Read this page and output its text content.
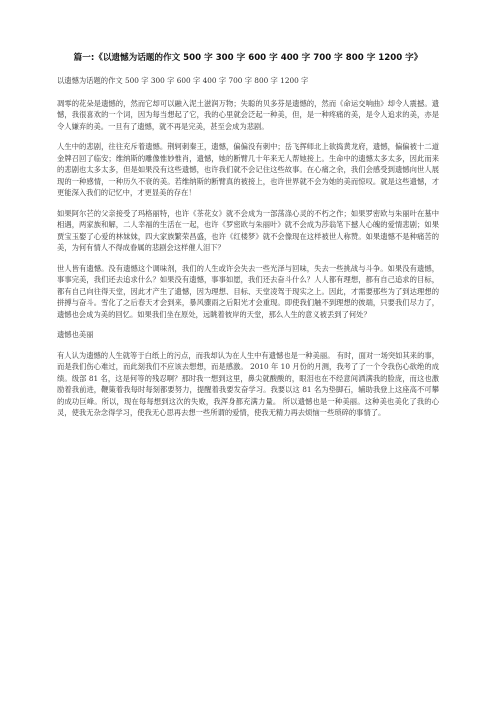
篇一:《以遗憾为话题的作文 500 字 300 字 600 字 400 字 700 字 800 字 1200 字》

以遗憾为话题的作文 500 字 300 字 600 字 400 字 700 字 800 字 1200 字

凋零的花朵是遗憾的，然而它却可以融入泥土滋润万物；失聪的贝多芬是遗憾的，然而《命运交响曲》却令人震撼。遗憾，我很喜欢的一个词，因为每当想起了它，我的心里就会泛起一种美，但，是一种疼痛的美，是令人追求的美，亦是令人嫌弃的美。一旦有了遗憾，就不再是完美，甚至会成为悲剧。

人生中的悲剧，往往充斥着遗憾。荆轲刺秦王，遗憾，偏偏没有刺中；岳飞挥师北上欲捣黄龙府，遗憾，偏偏被十二道金牌召回了临安；维纳斯的雕像惟妙惟肖，遗憾，她的断臂几十年来无人帮她接上。生命中的遗憾太多太多，因此而来的悲剧也太多太多，但是如果没有这些遗憾，也许我们就不会记住这些故事。在心痛之余，我们会感受到遗憾向世人展现的一种感情，一种历久不衰的美。若维纳斯的断臂真的被接上，也许世界就不会为她的美而惊叹。就是这些遗憾，才更能深入我们的记忆中，才更显美的存在！

如果阿尔芒的父亲接受了玛格丽特，也许《茶花女》就不会成为一部荡涤心灵的不朽之作；如果罗密欧与朱丽叶在墓中相遇，两家族和解，二人幸福的生活在一起，也许《罗密欧与朱丽叶》就不会成为莎翁笔下撼人心魄的爱情悲剧；如果贾宝玉娶了心爱的林妹妹，四大家族繁荣昌盛，也许《红楼梦》就不会像现在这样被世人称赞。如果遗憾不是种痛苦的美，为何有情人不得成眷属的悲剧会这样催人泪下？

世人皆有遗憾。没有遗憾这个调味剂，我们的人生或许会失去一些光泽与回味，失去一些挑战与斗争。如果没有遗憾，事事完美，我们还去追求什么？如果没有遗憾，事事如愿，我们还去奋斗什么？人人都有理想，都有自己追求的目标，都有自己向往得天堂，因此才产生了遗憾，因为理想、目标、天堂凌驾于现实之上。因此，才需要那些为了到达理想的拼搏与奋斗。雪化了之后春天才会到来，暴风骤雨之后阳光才会重现。即使我们触不到理想的彼端，只要我们尽力了，遗憾也会成为美的回忆。如果我们坐在原处，远眺着彼岸的天堂，那么人生的意义被丢到了何处？

遗憾也美丽

有人认为遗憾的人生就等于白纸上的污点，而我却认为在人生中有遗憾也是一种美丽。 有时，面对一场突如其来的事，而是我们伤心难过，而此刻我们不应该去想想，而是感激。 2010 年 10 月份的月测，我考了了一个令我伤心欲绝的成绩。级部 81 名，这是何等的残忍啊？那时我一想到这里，鼻尖就酸酸的，眼泪也在不经意间洒满我的脸庞，而这也激励着我前进，鞭策着我每时每刻都要努力，提醒着我要发奋学习。我要以这 81 名为垫脚石，辅助我登上这座高不可攀的成功巨峰。所以，现在每每想到这次的失败，我浑身都充满力量。 所以遗憾也是一种美丽。这种美也美化了我的心灵，使我无杂念得学习，使我无心思再去想一些所谓的爱情，使我无精力再去烦恼一些琐碎的事情了。
